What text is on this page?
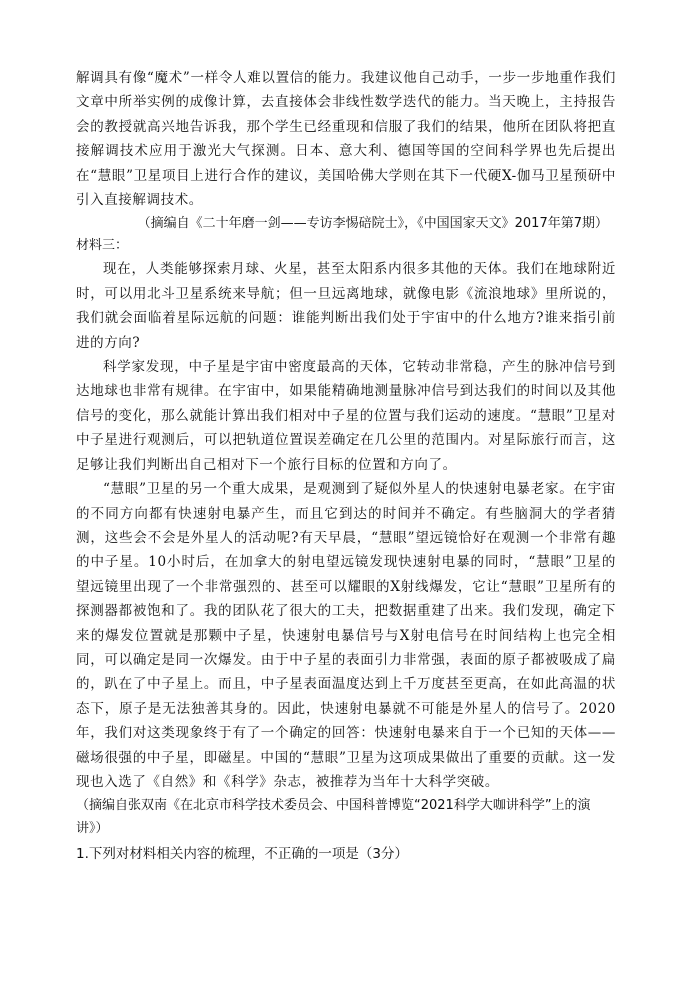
解调具有像“魔术”一样令人难以置信的能力。我建议他自己动手，一步一步地重作我们文章中所举实例的成像计算，去直接体会非线性数学迭代的能力。当天晚上，主持报告会的教授就高兴地告诉我，那个学生已经重现和信服了我们的结果，他所在团队将把直接解调技术应用于激光大气探测。日本、意大利、德国等国的空间科学界也先后提出在“慧眼”卫星项目上进行合作的建议，美国哈佛大学则在其下一代硬X-伽马卫星预研中引入直接解调技术。

（摘编自《二十年磨一剑——专访李惕碚院士》，《中国国家天文》2017年第7期）

材料三：

现在，人类能够探索月球、火星，甚至太阳系内很多其他的天体。我们在地球附近时，可以用北斗卫星系统来导航；但一旦远离地球，就像电影《流浪地球》里所说的，我们就会面临着星际远航的问题：谁能判断出我们处于宇宙中的什么地方?谁来指引前进的方向?

科学家发现，中子星是宇宙中密度最高的天体，它转动非常稳，产生的脉冲信号到达地球也非常有规律。在宇宙中，如果能精确地测量脉冲信号到达我们的时间以及其他信号的变化，那么就能计算出我们相对中子星的位置与我们运动的速度。“慧眼”卫星对中子星进行观测后，可以把轨道位置误差确定在几公里的范围内。对星际旅行而言，这足够让我们判断出自己相对下一个旅行目标的位置和方向了。

“慧眼”卫星的另一个重大成果，是观测到了疑似外星人的快速射电暴老家。在宇宙的不同方向都有快速射电暴产生，而且它到达的时间并不确定。有些脑洞大的学者猜测，这些会不会是外星人的活动呢?有天早晨，“慧眼”望远镜恰好在观测一个非常有趣的中子星。10小时后，在加拿大的射电望远镜发现快速射电暴的同时，“慧眼”卫星的望远镜里出现了一个非常强烈的、甚至可以耀眼的X射线爆发，它让“慧眼”卫星所有的探测器都被饱和了。我的团队花了很大的工夫，把数据重建了出来。我们发现，确定下来的爆发位置就是那颗中子星，快速射电暴信号与X射电信号在时间结构上也完全相同，可以确定是同一次爆发。由于中子星的表面引力非常强，表面的原子都被吸成了扁的，趴在了中子星上。而且，中子星表面温度达到上千万度甚至更高，在如此高温的状态下，原子是无法独善其身的。因此，快速射电暴就不可能是外星人的信号了。2020年，我们对这类现象终于有了一个确定的回答：快速射电暴来自于一个已知的天体——磁场很强的中子星，即磁星。中国的“慧眼”卫星为这项成果做出了重要的贡献。这一发现也入选了《自然》和《科学》杂志，被推荐为当年十大科学突破。

（摘编自张双南《在北京市科学技术委员会、中国科普博览“2021科学大咖讲科学”上的演讲》）

1.下列对材料相关内容的梳理，不正确的一项是（3分）
